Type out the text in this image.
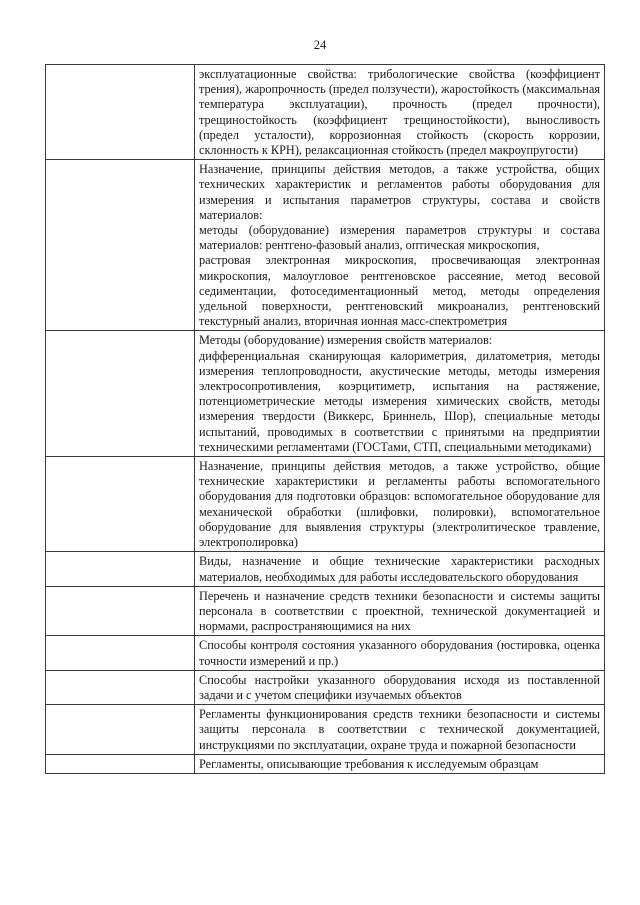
24

	эксплуатационные свойства: трибологические свойства (коэффициент трения), жаропрочность (предел ползучести), жаростойкость (максимальная температура эксплуатации), прочность (предел прочности), трещиностойкость (коэффициент трещиностойкости), выносливость (предел усталости), коррозионная стойкость (скорость коррозии, склонность к КРН), релаксационная стойкость (предел макроупругости)

	Назначение, принципы действия методов, а также устройства, общих технических характеристик и регламентов работы оборудования для измерения и испытания параметров структуры, состава и свойств материалов:
методы (оборудование) измерения параметров структуры и состава материалов: рентгено-фазовый анализ, оптическая микроскопия,
растровая электронная микроскопия, просвечивающая электронная микроскопия, малоугловое рентгеновское рассеяние, метод весовой седиментации, фотоседиментационный метод, методы определения удельной поверхности, рентгеновский микроанализ, рентгеновский текстурный анализ, вторичная ионная масс-спектрометрия

	Методы (оборудование) измерения свойств материалов:
дифференциальная сканирующая калориметрия, дилатометрия, методы измерения теплопроводности, акустические методы, методы измерения электросопротивления, коэрцитиметр, испытания на растяжение, потенциометрические методы измерения химических свойств, методы измерения твердости (Виккерс, Бриннель, Шор), специальные методы испытаний, проводимых в соответствии с принятыми на предприятии техническими регламентами (ГОСТами, СТП, специальными методиками)

	Назначение, принципы действия методов, а также устройство, общие технические характеристики и регламенты работы вспомогательного оборудования для подготовки образцов: вспомогательное оборудование для механической обработки (шлифовки, полировки), вспомогательное оборудование для выявления структуры (электролитическое травление, электрополировка)

	Виды, назначение и общие технические характеристики расходных материалов, необходимых для работы исследовательского оборудования

	Перечень и назначение средств техники безопасности и системы защиты персонала в соответствии с проектной, технической документацией и нормами, распространяющимися на них

	Способы контроля состояния указанного оборудования (юстировка, оценка точности измерений и пр.)

	Способы настройки указанного оборудования исходя из поставленной задачи и с учетом специфики изучаемых объектов

	Регламенты функционирования средств техники безопасности и системы защиты персонала в соответствии с технической документацией, инструкциями по эксплуатации, охране труда и пожарной безопасности

	Регламенты, описывающие требования к исследуемым образцам
